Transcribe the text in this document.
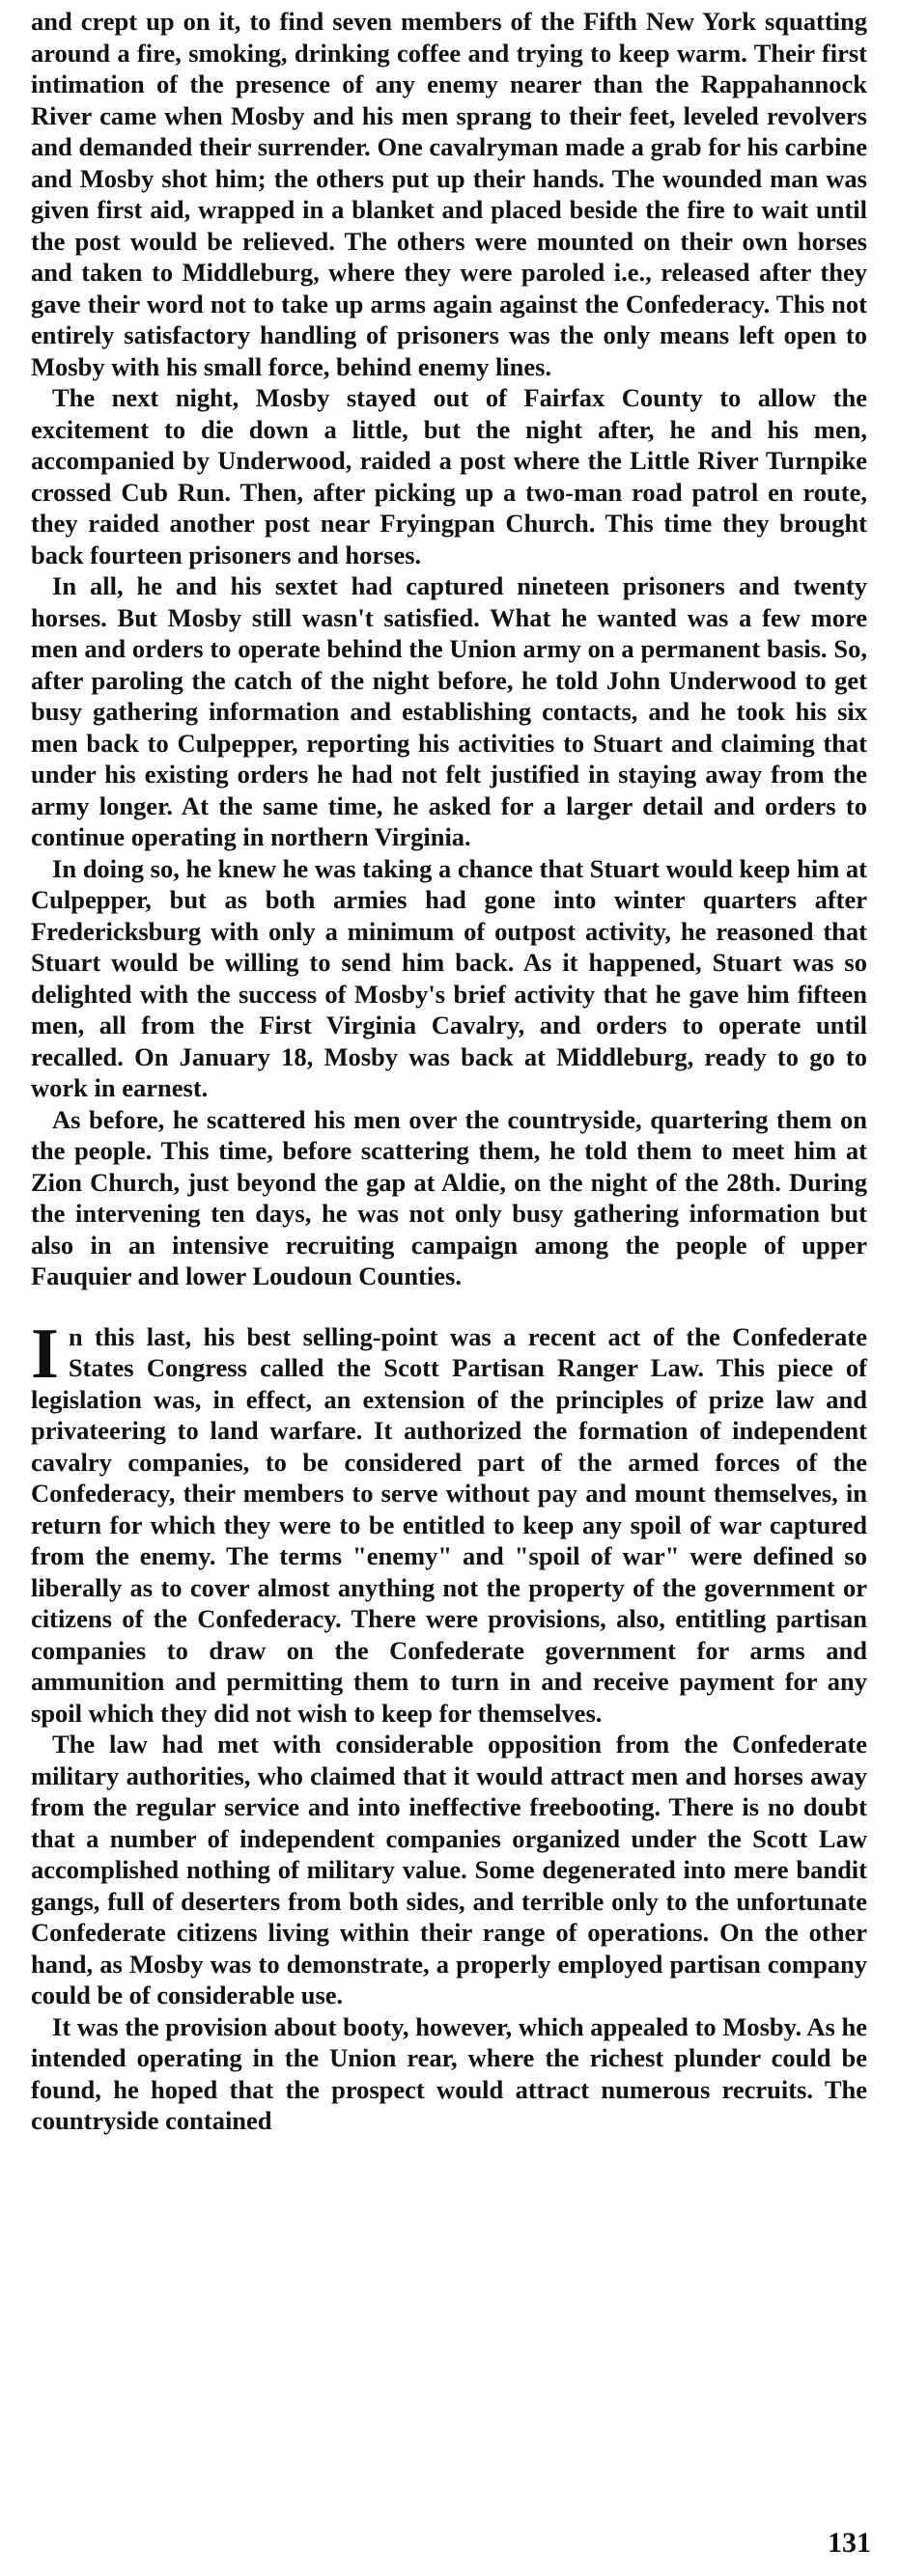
and crept up on it, to find seven members of the Fifth New York squatting around a fire, smoking, drinking coffee and trying to keep warm. Their first intimation of the presence of any enemy nearer than the Rappahannock River came when Mosby and his men sprang to their feet, leveled revolvers and demanded their surrender. One cavalryman made a grab for his carbine and Mosby shot him; the others put up their hands. The wounded man was given first aid, wrapped in a blanket and placed beside the fire to wait until the post would be relieved. The others were mounted on their own horses and taken to Middleburg, where they were paroled i.e., released after they gave their word not to take up arms again against the Confederacy. This not entirely satisfactory handling of prisoners was the only means left open to Mosby with his small force, behind enemy lines.

The next night, Mosby stayed out of Fairfax County to allow the excitement to die down a little, but the night after, he and his men, accompanied by Underwood, raided a post where the Little River Turnpike crossed Cub Run. Then, after picking up a two-man road patrol en route, they raided another post near Fryingpan Church. This time they brought back fourteen prisoners and horses.

In all, he and his sextet had captured nineteen prisoners and twenty horses. But Mosby still wasn't satisfied. What he wanted was a few more men and orders to operate behind the Union army on a permanent basis. So, after paroling the catch of the night before, he told John Underwood to get busy gathering information and establishing contacts, and he took his six men back to Culpepper, reporting his activities to Stuart and claiming that under his existing orders he had not felt justified in staying away from the army longer. At the same time, he asked for a larger detail and orders to continue operating in northern Virginia.

In doing so, he knew he was taking a chance that Stuart would keep him at Culpepper, but as both armies had gone into winter quarters after Fredericksburg with only a minimum of outpost activity, he reasoned that Stuart would be willing to send him back. As it happened, Stuart was so delighted with the success of Mosby's brief activity that he gave him fifteen men, all from the First Virginia Cavalry, and orders to operate until recalled. On January 18, Mosby was back at Middleburg, ready to go to work in earnest.

As before, he scattered his men over the countryside, quartering them on the people. This time, before scattering them, he told them to meet him at Zion Church, just beyond the gap at Aldie, on the night of the 28th. During the intervening ten days, he was not only busy gathering information but also in an intensive recruiting campaign among the people of upper Fauquier and lower Loudoun Counties.

I n this last, his best selling-point was a recent act of the Confederate States Congress called the Scott Partisan Ranger Law. This piece of legislation was, in effect, an extension of the principles of prize law and privateering to land warfare. It authorized the formation of independent cavalry companies, to be considered part of the armed forces of the Confederacy, their members to serve without pay and mount themselves, in return for which they were to be entitled to keep any spoil of war captured from the enemy. The terms "enemy" and "spoil of war" were defined so liberally as to cover almost anything not the property of the government or citizens of the Confederacy. There were provisions, also, entitling partisan companies to draw on the Confederate government for arms and ammunition and permitting them to turn in and receive payment for any spoil which they did not wish to keep for themselves.

The law had met with considerable opposition from the Confederate military authorities, who claimed that it would attract men and horses away from the regular service and into ineffective freebooting. There is no doubt that a number of independent companies organized under the Scott Law accomplished nothing of military value. Some degenerated into mere bandit gangs, full of deserters from both sides, and terrible only to the unfortunate Confederate citizens living within their range of operations. On the other hand, as Mosby was to demonstrate, a properly employed partisan company could be of considerable use.

It was the provision about booty, however, which appealed to Mosby. As he intended operating in the Union rear, where the richest plunder could be found, he hoped that the prospect would attract numerous recruits. The countryside contained

131
